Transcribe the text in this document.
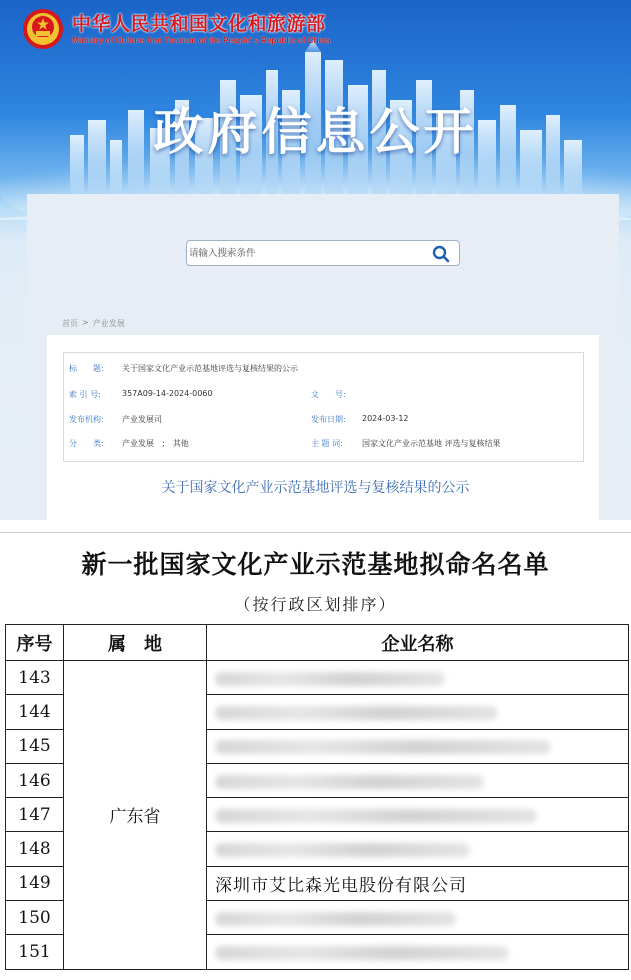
中华人民共和国文化和旅游部
Ministry of Culture And Tourism of the People' s Republic of China
政府信息公开
请输入搜索条件
首页 > 产业发展
标　　题: 关于国家文化产业示范基地评选与复核结果的公示
索 引 号:	357A09-14-2024-0060	文　　号:
发布机构: 产业发展司	发布日期: 2024-03-12
分　　类: 产业发展　;　其他	主 题 词: 国家文化产业示范基地 评选与复核结果
关于国家文化产业示范基地评选与复核结果的公示
新一批国家文化产业示范基地拟命名名单
（按行政区划排序）
序号	属　地	企业名称
143	广东省	

144		

145		

146		

147		

148		

149		深圳市艾比森光电股份有限公司
150		

151		
